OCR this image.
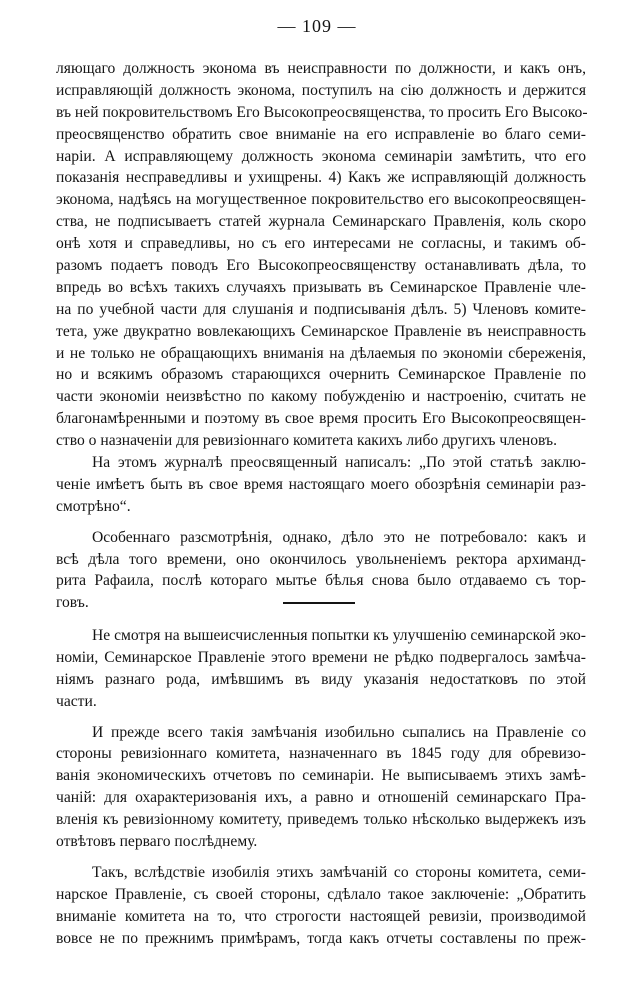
— 109 —
ляющаго должность эконома въ неисправности по должности, и какъ онъ,
исправляющій должность эконома, поступилъ на сію должность и держится
въ ней покровительствомъ Его Высокопреосвященства, то просить Его Высоко-
преосвященство обратить свое вниманіе на его исправленіе во благо семи-
наріи. А исправляющему должность эконома семинаріи замѣтить, что его
показанія несправедливы и ухищрены. 4) Какъ же исправляющій должность
эконома, надѣясь на могущественное покровительство его высокопреосвящен-
ства, не подписываетъ статей журнала Семинарскаго Правленія, коль скоро
онѣ хотя и справедливы, но съ его интересами не согласны, и такимъ об-
разомъ подаетъ поводъ Его Высокопреосвященству останавливать дѣла, то
впредь во всѣхъ такихъ случаяхъ призывать въ Семинарское Правленіе чле-
на по учебной части для слушанія и подписыванія дѣлъ. 5) Членовъ комите-
тета, уже двукратно вовлекающихъ Семинарское Правленіе въ неисправность
и не только не обращающихъ вниманія на дѣлаемыя по экономіи сбереженія,
но и всякимъ образомъ старающихся очернить Семинарское Правленіе по
части экономіи неизвѣстно по какому побужденію и настроенію, считать не
благонамѣренными и поэтому въ свое время просить Его Высокопреосвящен-
ство о назначеніи для ревизіоннаго комитета какихъ либо другихъ членовъ.
На этомъ журналѣ преосвященный написалъ: „По этой статьѣ заклю-
ченіе имѣетъ быть въ свое время настоящаго моего обозрѣнія семинаріи раз-
смотрѣно“.
Особеннаго разсмотрѣнія, однако, дѣло это не потребовало: какъ и
всѣ дѣла того времени, оно окончилось увольненіемъ ректора архиманд-
рита Рафаила, послѣ котораго мытье бѣлья снова было отдаваемо съ тор-
говъ.
Не смотря на вышеисчисленныя попытки къ улучшенію семинарской эко-
номіи, Семинарское Правленіе этого времени не рѣдко подвергалось замѣча-
ніямъ разнаго рода, имѣвшимъ въ виду указанія недостатковъ по этой
части.
И прежде всего такія замѣчанія изобильно сыпались на Правленіе со
стороны ревизіоннаго комитета, назначеннаго въ 1845 году для обревизо-
ванія экономическихъ отчетовъ по семинаріи. Не выписываемъ этихъ замѣ-
чаній: для охарактеризованія ихъ, а равно и отношеній семинарскаго Пра-
вленія къ ревизіонному комитету, приведемъ только нѣсколько выдержекъ изъ
отвѣтовъ перваго послѣднему.
Такъ, вслѣдствіе изобилія этихъ замѣчаній со стороны комитета, семи-
нарское Правленіе, съ своей стороны, сдѣлало такое заключеніе: „Обратить
вниманіе комитета на то, что строгости настоящей ревизіи, производимой
вовсе не по прежнимъ примѣрамъ, тогда какъ отчеты составлены по преж-
